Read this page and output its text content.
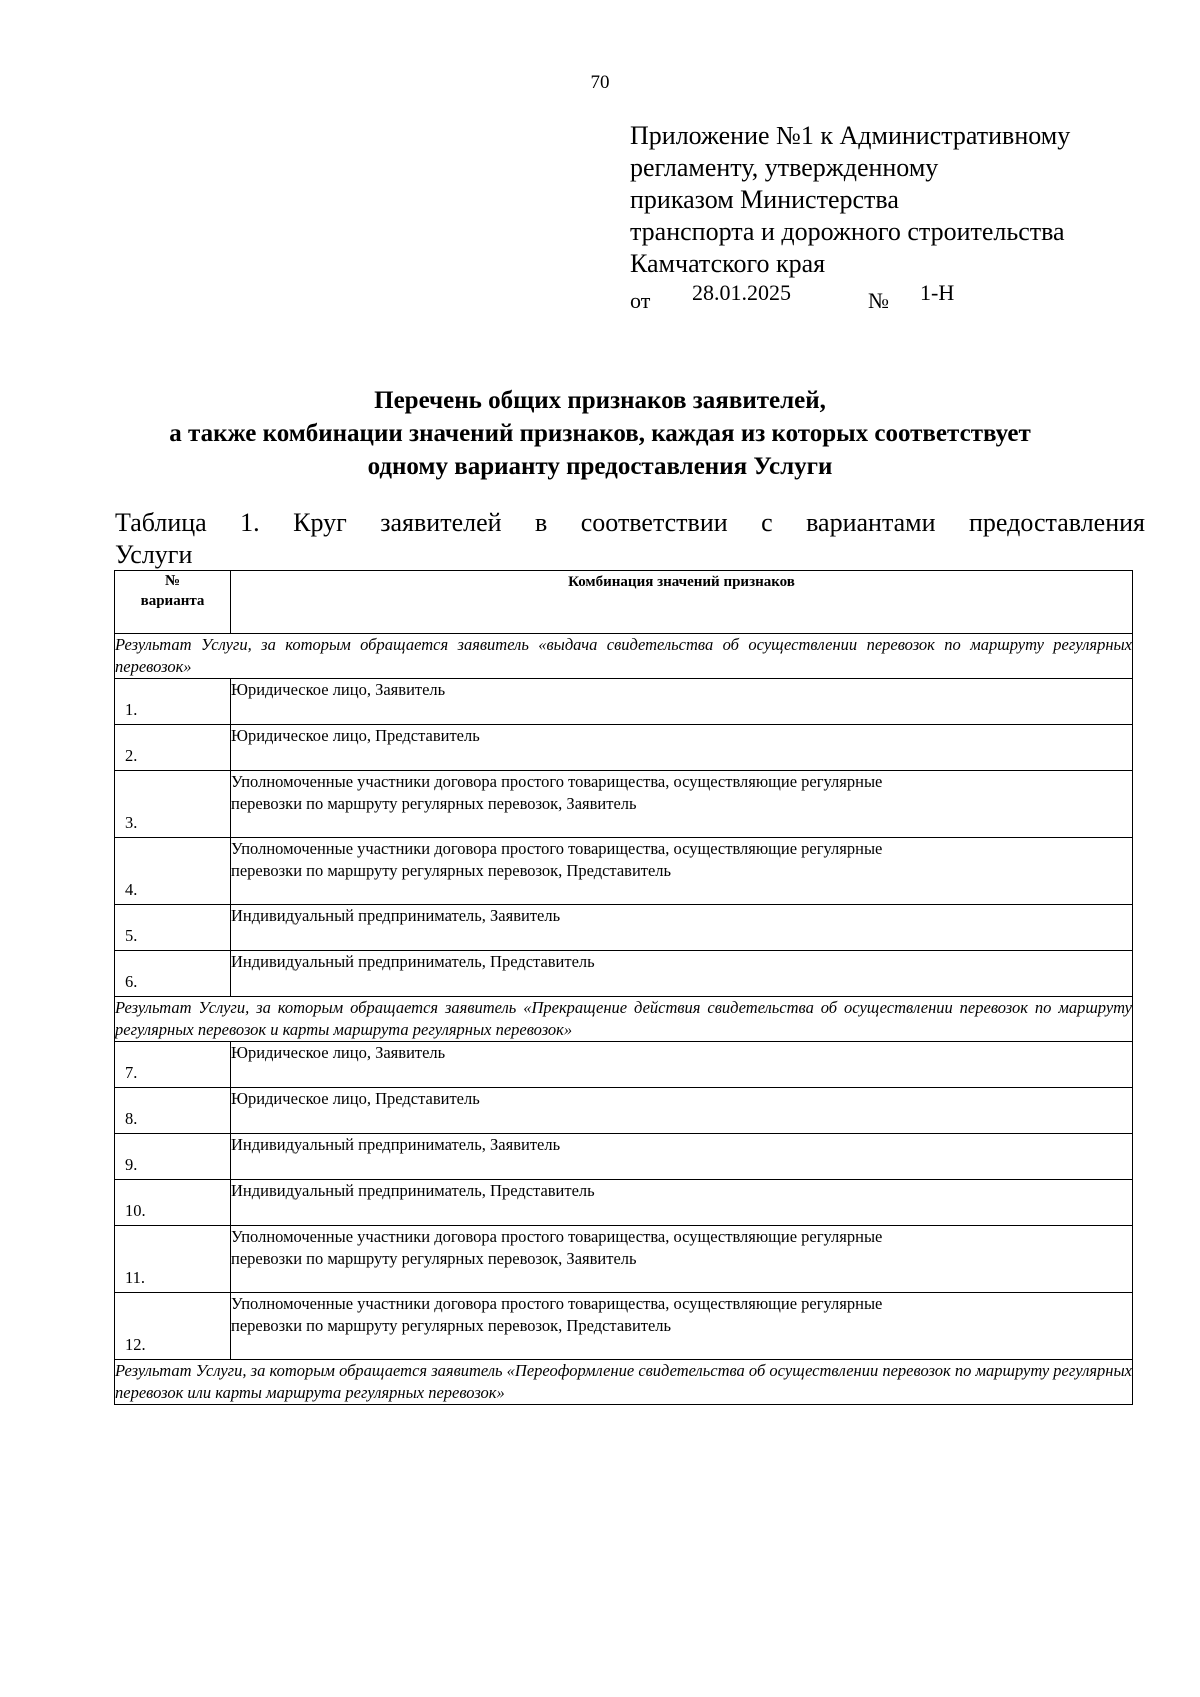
70
Приложение №1 к Административному
регламенту, утвержденному
приказом Министерства
транспорта и дорожного строительства
Камчатского края
от 28.01.2025	№ 1-Н
Перечень общих признаков заявителей,
а также комбинации значений признаков, каждая из которых соответствует
одному варианту предоставления Услуги
Таблица 1. Круг заявителей в соответствии с вариантами предоставления
Услуги
№
варианта	Комбинация значений признаков
Результат Услуги, за которым обращается заявитель «выдача свидетельства об осуществлении перевозок по маршруту регулярных перевозок»	

1.	Юридическое лицо, Заявитель

2.	Юридическое лицо, Представитель

3.	Уполномоченные участники договора простого товарищества, осуществляющие регулярные
перевозки по маршруту регулярных перевозок, Заявитель

4.	Уполномоченные участники договора простого товарищества, осуществляющие регулярные
перевозки по маршруту регулярных перевозок, Представитель

5.	Индивидуальный предприниматель, Заявитель

6.	Индивидуальный предприниматель, Представитель
Результат Услуги, за которым обращается заявитель «Прекращение действия свидетельства об осуществлении перевозок по маршруту регулярных перевозок и карты маршрута регулярных перевозок»	

7.	Юридическое лицо, Заявитель

8.	Юридическое лицо, Представитель

9.	Индивидуальный предприниматель, Заявитель

10.	Индивидуальный предприниматель, Представитель

11.	Уполномоченные участники договора простого товарищества, осуществляющие регулярные
перевозки по маршруту регулярных перевозок, Заявитель

12.	Уполномоченные участники договора простого товарищества, осуществляющие регулярные
перевозки по маршруту регулярных перевозок, Представитель
Результат Услуги, за которым обращается заявитель «Переоформление свидетельства об осуществлении перевозок по маршруту регулярных перевозок или карты маршрута регулярных перевозок»	
